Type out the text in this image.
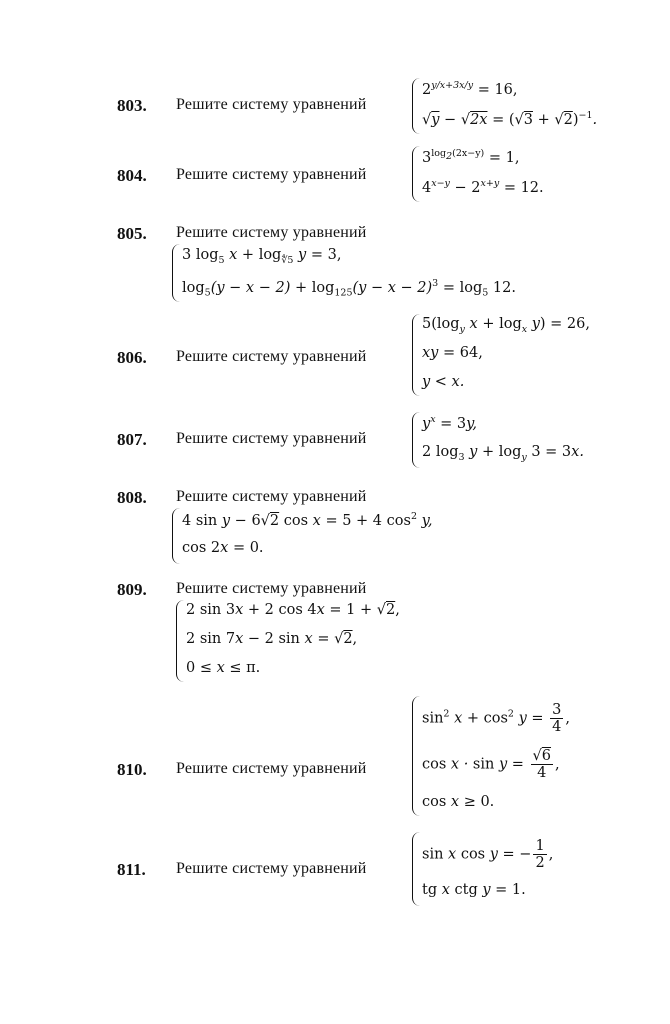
803. Решите систему уравнений
$2^{y/x+3x/y} = 16$,
$√y - √2x = (√3 + √2)^{-1}$.
804. Решите систему уравнений
$3^{log_2(2x-y)} = 1$,
$4^{x-y} - 2^{x+y} = 12$.
805. Решите систему уравнений
3 $\log_5 x + \log_{∜5} y = 3$,
$\log_5(y - x - 2) + \log_{125}(y - x - 2)^3 = \log_5 12$.
806. Решите систему уравнений
$5(\log_y$ $x + \log_x y) = 26$,
xy = 64,
y < x.
807. Решите систему уравнений
$y^x = 3y$,
2 $\log_3 y + \log_y 3 = 3x$.
808. Решите систему уравнений
4 sin y − 6√2 cos x = 5 + 4 $\cos^2 y$,
cos 2x = 0.
809. Решите систему уравнений
2 sin 3x + 2 cos 4x = 1 + √2,
2 sin 7x − 2 sin x = √2,
0 ≤ x ≤ π.
810. Решите систему уравнений
$\sin^2 x + \cos^2 y = \frac{3}{4}$ ,
$\cos x \cdot \sin y = \frac{√6}{4}$ ,
cos x ≥ 0.
811. Решите систему уравнений
sin x cos y = − $\frac{1}{2}$ ,
tg x ctg y = 1.
